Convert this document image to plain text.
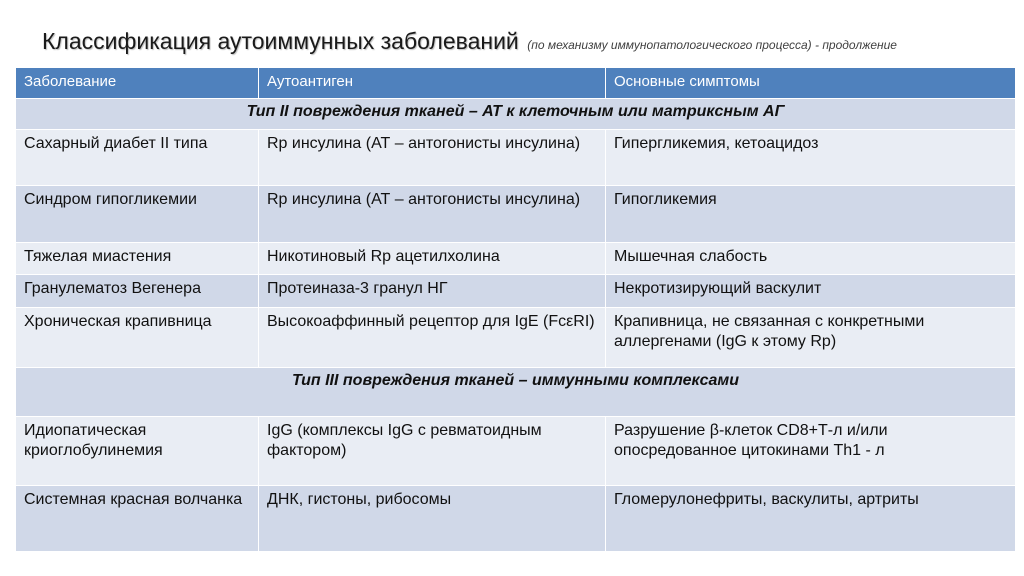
Классификация аутоиммунных заболеваний (по механизму иммунопатологического процесса) - продолжение
Заболевание	Аутоантиген	Основные симптомы
Тип II повреждения тканей – АТ к клеточным или матриксным АГ		
Сахарный диабет II типа	Rp инсулина (АТ – антогонисты инсулина)	Гипергликемия, кетоацидоз
Синдром гипогликемии	Rp инсулина (АТ – антогонисты инсулина)	Гипогликемия
Тяжелая миастения	Никотиновый Rp ацетилхолина	Мышечная слабость
Гранулематоз Вегенера	Протеиназа-3 гранул НГ	Некротизирующий васкулит
Хроническая крапивница	Высокоаффинный рецептор для IgE (FcεRI)	Крапивница, не связанная с конкретными аллергенами (IgG к этому Rp)
Тип III повреждения тканей – иммунными комплексами		
Идиопатическая криоглобулинемия	IgG (комплексы IgG с ревматоидным фактором)	Разрушение β-клеток CD8+Т-л и/или опосредованное цитокинами Th1 - л
Системная красная волчанка	ДНК, гистоны, рибосомы	Гломерулонефриты, васкулиты, артриты
